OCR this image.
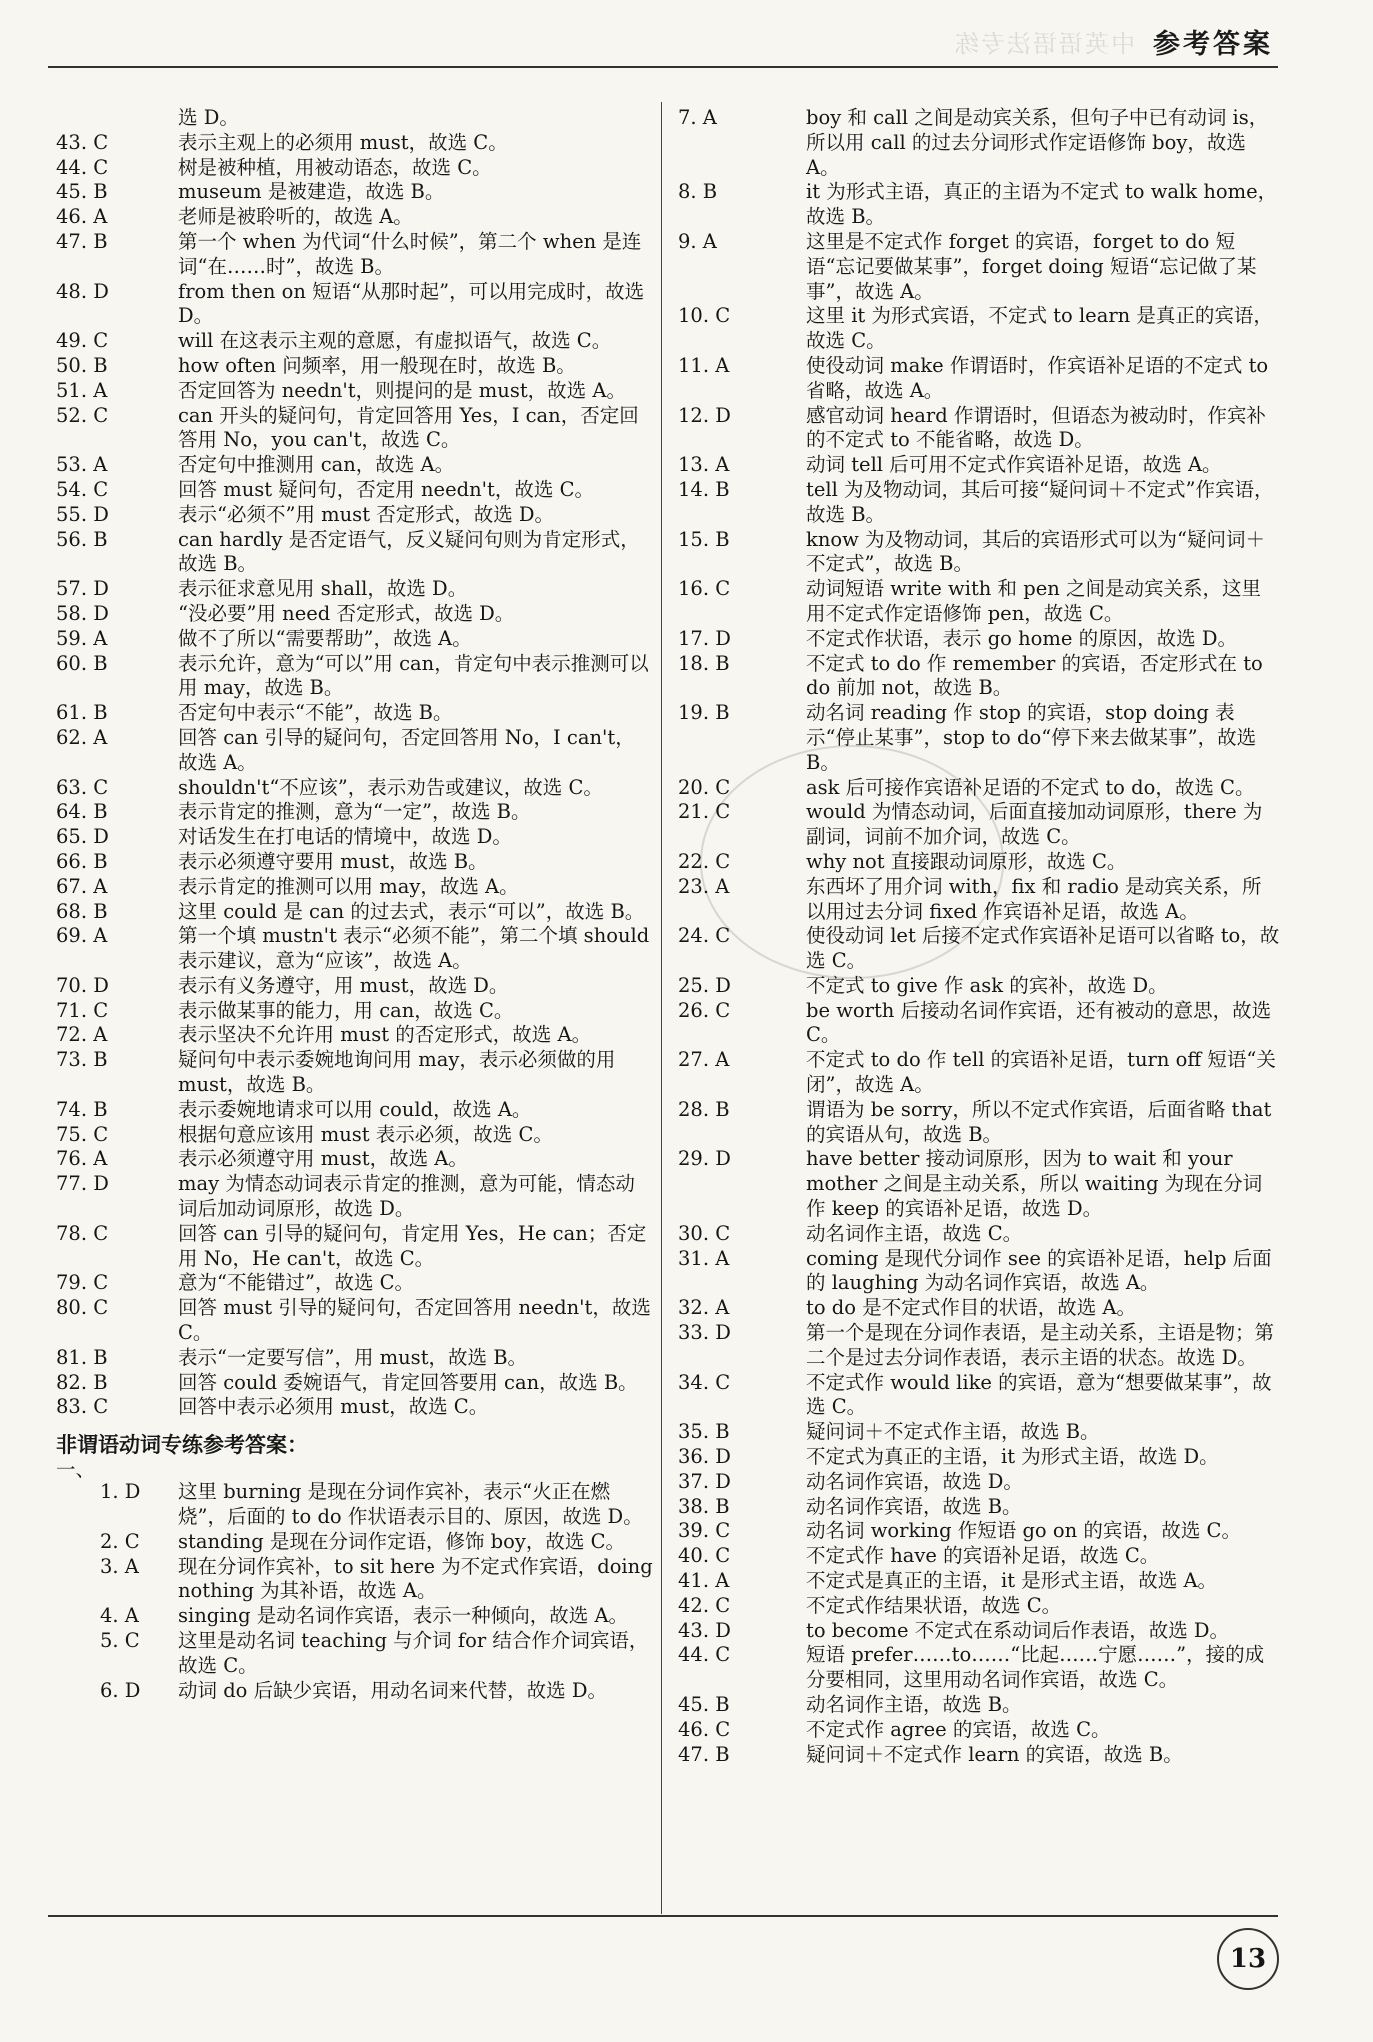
中英语语法专练 参考答案
选 D。
43. C	表示主观上的必须用 must，故选 C。
44. C	树是被种植，用被动语态，故选 C。
45. B	museum 是被建造，故选 B。
46. A	老师是被聆听的，故选 A。
47. B	第一个 when 为代词“什么时候”，第二个 when 是连词“在……时”，故选 B。
48. D	from then on 短语“从那时起”，可以用完成时，故选 D。
49. C	will 在这表示主观的意愿，有虚拟语气，故选 C。
50. B	how often 问频率，用一般现在时，故选 B。
51. A	否定回答为 needn't，则提问的是 must，故选 A。
52. C	can 开头的疑问句，肯定回答用 Yes，I can，否定回答用 No，you can't，故选 C。
53. A	否定句中推测用 can，故选 A。
54. C	回答 must 疑问句，否定用 needn't，故选 C。
55. D	表示“必须不”用 must 否定形式，故选 D。
56. B	can hardly 是否定语气，反义疑问句则为肯定形式，故选 B。
57. D	表示征求意见用 shall，故选 D。
58. D	“没必要”用 need 否定形式，故选 D。
59. A	做不了所以“需要帮助”，故选 A。
60. B	表示允许，意为“可以”用 can，肯定句中表示推测可以用 may，故选 B。
61. B	否定句中表示“不能”，故选 B。
62. A	回答 can 引导的疑问句，否定回答用 No，I can't，故选 A。
63. C	shouldn't“不应该”，表示劝告或建议，故选 C。
64. B	表示肯定的推测，意为“一定”，故选 B。
65. D	对话发生在打电话的情境中，故选 D。
66. B	表示必须遵守要用 must，故选 B。
67. A	表示肯定的推测可以用 may，故选 A。
68. B	这里 could 是 can 的过去式，表示“可以”，故选 B。
69. A	第一个填 mustn't 表示“必须不能”，第二个填 should 表示建议，意为“应该”，故选 A。
70. D	表示有义务遵守，用 must，故选 D。
71. C	表示做某事的能力，用 can，故选 C。
72. A	表示坚决不允许用 must 的否定形式，故选 A。
73. B	疑问句中表示委婉地询问用 may，表示必须做的用 must，故选 B。
74. B	表示委婉地请求可以用 could，故选 A。
75. C	根据句意应该用 must 表示必须，故选 C。
76. A	表示必须遵守用 must，故选 A。
77. D	may 为情态动词表示肯定的推测，意为可能，情态动词后加动词原形，故选 D。
78. C	回答 can 引导的疑问句，肯定用 Yes，He can；否定用 No，He can't，故选 C。
79. C	意为“不能错过”，故选 C。
80. C	回答 must 引导的疑问句，否定回答用 needn't，故选 C。
81. B	表示“一定要写信”，用 must，故选 B。
82. B	回答 could 委婉语气，肯定回答要用 can，故选 B。
83. C	回答中表示必须用 must，故选 C。
非谓语动词专练参考答案：
一、
1. D	这里 burning 是现在分词作宾补，表示“火正在燃烧”，后面的 to do 作状语表示目的、原因，故选 D。
2. C	standing 是现在分词作定语，修饰 boy，故选 C。
3. A	现在分词作宾补，to sit here 为不定式作宾语，doing nothing 为其补语，故选 A。
4. A	singing 是动名词作宾语，表示一种倾向，故选 A。
5. C	这里是动名词 teaching 与介词 for 结合作介词宾语，故选 C。
6. D	动词 do 后缺少宾语，用动名词来代替，故选 D。
7. A	boy 和 call 之间是动宾关系，但句子中已有动词 is，所以用 call 的过去分词形式作定语修饰 boy，故选 A。
8. B	it 为形式主语，真正的主语为不定式 to walk home，故选 B。
9. A	这里是不定式作 forget 的宾语，forget to do 短语“忘记要做某事”，forget doing 短语“忘记做了某事”，故选 A。
10. C	这里 it 为形式宾语，不定式 to learn 是真正的宾语，故选 C。
11. A	使役动词 make 作谓语时，作宾语补足语的不定式 to 省略，故选 A。
12. D	感官动词 heard 作谓语时，但语态为被动时，作宾补的不定式 to 不能省略，故选 D。
13. A	动词 tell 后可用不定式作宾语补足语，故选 A。
14. B	tell 为及物动词，其后可接“疑问词＋不定式”作宾语，故选 B。
15. B	know 为及物动词，其后的宾语形式可以为“疑问词＋不定式”，故选 B。
16. C	动词短语 write with 和 pen 之间是动宾关系，这里用不定式作定语修饰 pen，故选 C。
17. D	不定式作状语，表示 go home 的原因，故选 D。
18. B	不定式 to do 作 remember 的宾语，否定形式在 to do 前加 not，故选 B。
19. B	动名词 reading 作 stop 的宾语，stop doing 表示“停止某事”，stop to do“停下来去做某事”，故选 B。
20. C	ask 后可接作宾语补足语的不定式 to do，故选 C。
21. C	would 为情态动词，后面直接加动词原形，there 为副词，词前不加介词，故选 C。
22. C	why not 直接跟动词原形，故选 C。
23. A	东西坏了用介词 with，fix 和 radio 是动宾关系，所以用过去分词 fixed 作宾语补足语，故选 A。
24. C	使役动词 let 后接不定式作宾语补足语可以省略 to，故选 C。
25. D	不定式 to give 作 ask 的宾补，故选 D。
26. C	be worth 后接动名词作宾语，还有被动的意思，故选 C。
27. A	不定式 to do 作 tell 的宾语补足语，turn off 短语“关闭”，故选 A。
28. B	谓语为 be sorry，所以不定式作宾语，后面省略 that 的宾语从句，故选 B。
29. D	have better 接动词原形，因为 to wait 和 your mother 之间是主动关系，所以 waiting 为现在分词作 keep 的宾语补足语，故选 D。
30. C	动名词作主语，故选 C。
31. A	coming 是现代分词作 see 的宾语补足语，help 后面的 laughing 为动名词作宾语，故选 A。
32. A	to do 是不定式作目的状语，故选 A。
33. D	第一个是现在分词作表语，是主动关系，主语是物；第二个是过去分词作表语，表示主语的状态。故选 D。
34. C	不定式作 would like 的宾语，意为“想要做某事”，故选 C。
35. B	疑问词＋不定式作主语，故选 B。
36. D	不定式为真正的主语，it 为形式主语，故选 D。
37. D	动名词作宾语，故选 D。
38. B	动名词作宾语，故选 B。
39. C	动名词 working 作短语 go on 的宾语，故选 C。
40. C	不定式作 have 的宾语补足语，故选 C。
41. A	不定式是真正的主语，it 是形式主语，故选 A。
42. C	不定式作结果状语，故选 C。
43. D	to become 不定式在系动词后作表语，故选 D。
44. C	短语 prefer……to……“比起……宁愿……”，接的成分要相同，这里用动名词作宾语，故选 C。
45. B	动名词作主语，故选 B。
46. C	不定式作 agree 的宾语，故选 C。
47. B	疑问词＋不定式作 learn 的宾语，故选 B。
13
